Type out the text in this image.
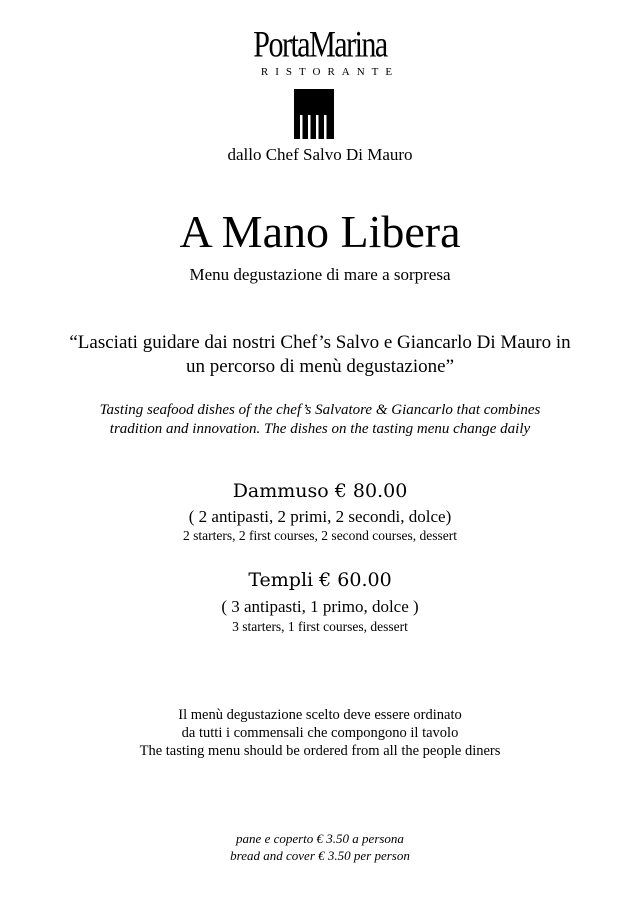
PortaMarina
RISTORANTE
dallo Chef Salvo Di Mauro
A Mano Libera
Menu degustazione di mare a sorpresa
“Lasciati guidare dai nostri Chef’s Salvo e Giancarlo Di Mauro in un percorso di menù degustazione”
Tasting seafood dishes of the chef’s Salvatore & Giancarlo that combines
tradition and innovation. The dishes on the tasting menu change daily
Dammuso € 80.00
( 2 antipasti, 2 primi, 2 secondi, dolce)
2 starters, 2 first courses, 2 second courses, dessert
Templi € 60.00
( 3 antipasti, 1 primo, dolce )
3 starters, 1 first courses, dessert
Il menù degustazione scelto deve essere ordinato
da tutti i commensali che compongono il tavolo
The tasting menu should be ordered from all the people diners
pane e coperto € 3.50 a persona
bread and cover € 3.50 per person
